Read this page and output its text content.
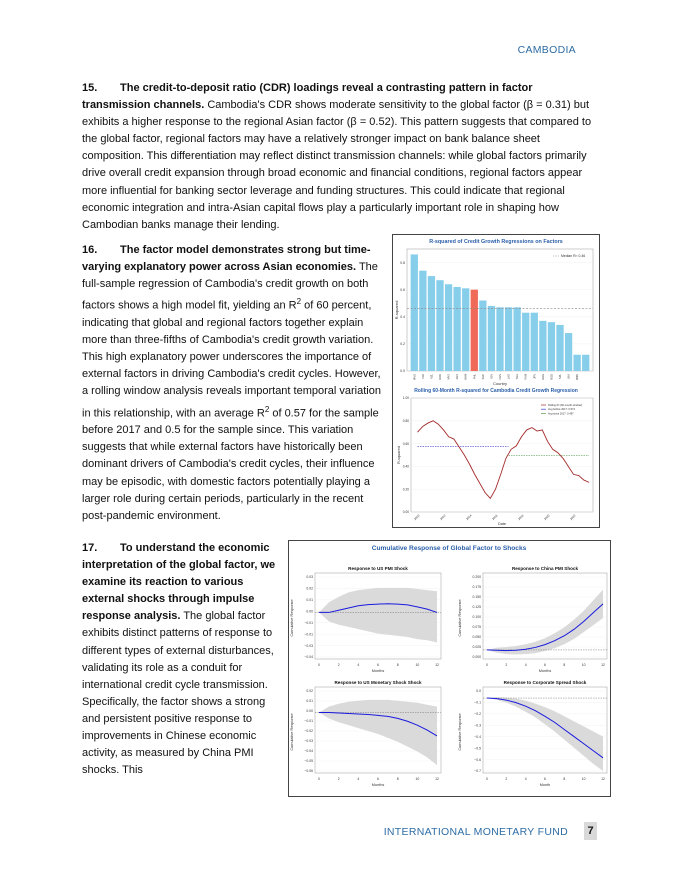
CAMBODIA
15. The credit-to-deposit ratio (CDR) loadings reveal a contrasting pattern in factor transmission channels. Cambodia's CDR shows moderate sensitivity to the global factor (β = 0.31) but exhibits a higher response to the regional Asian factor (β = 0.52). This pattern suggests that compared to the global factor, regional factors may have a relatively stronger impact on bank balance sheet composition. This differentiation may reflect distinct transmission channels: while global factors primarily drive overall credit expansion through broad economic and financial conditions, regional factors appear more influential for banking sector leverage and funding structures. This could indicate that regional economic integration and intra-Asian capital flows play a particularly important role in shaping how Cambodian banks manage their lending.
16. The factor model demonstrates strong but time-varying explanatory power across Asian economies. The full-sample regression of Cambodia's credit growth on both factors shows a high model fit, yielding an $R^2$ of 60 percent, indicating that global and regional factors together explain more than three-fifths of Cambodia's credit growth variation. This high explanatory power underscores the importance of external factors in driving Cambodia's credit cycles. However, a rolling window analysis reveals important temporal variation in this relationship, with an average $R^2$ of 0.57 for the sample before 2017 and 0.5 for the sample since. This variation suggests that while external factors have historically been dominant drivers of Cambodia's credit cycles, their influence may be episodic, with domestic factors potentially playing a larger role during certain periods, particularly in the recent post-pandemic environment.
17. To understand the economic interpretation of the global factor, we examine its reaction to various external shocks through impulse response analysis. The global factor exhibits distinct patterns of response to different types of external disturbances, validating its role as a conduit for international credit cycle transmission. Specifically, the factor shows a strong and persistent positive response to improvements in Chinese economic activity, as measured by China PMI shocks. This
R-squared of Credit Growth Regressions on Factors
0.0
0.2
0.4
0.6
0.8
R-squared
MNG	IND	NZL	KOR	MYS	AUS	KHM	PHL	SGP	IDN	CHN	LAO	THA	VNM	JPN	HKG	BGD	NPL	LKA	MMR
Median R²: 0.46
Country
Rolling 60-Month R-squared for Cambodia Credit Growth Regression
0.00
0.20
0.40
0.60
0.80
1.00
2010	2012	2014	2016	2018	2020	2022
R-squared
Date
Rolling R² (60-month window)
Avg before 2017: 0.574
Avg since 2017: 0.497
Cumulative Response of Global Factor to Shocks
Response to US PMI Shock
0.03
0.02
0.01
0.00
−0.01
−0.01
−0.03
−0.04
0	2	4	6	8	10	12
Months
Cumulative Response
Response to China PMI Shock
0.200
0.175
0.150
0.125
0.100
0.075
0.050
0.025
0.000
0	2	4	6	8	10	12
Months
Cumulative Response
Response to US Monetary Shock Shock
0.02
0.01
0.00
−0.01
−0.02
−0.03
−0.04
−0.05
−0.06
0	2	4	6	8	10	12
Months
Cumulative Response
Response to Corporate Spread Shock
0.0
−0.1
−0.2
−0.3
−0.4
−0.5
−0.6
−0.7
0	2	4	6	8	10	12
Month
Cumulative Response
INTERNATIONAL MONETARY FUND	7
